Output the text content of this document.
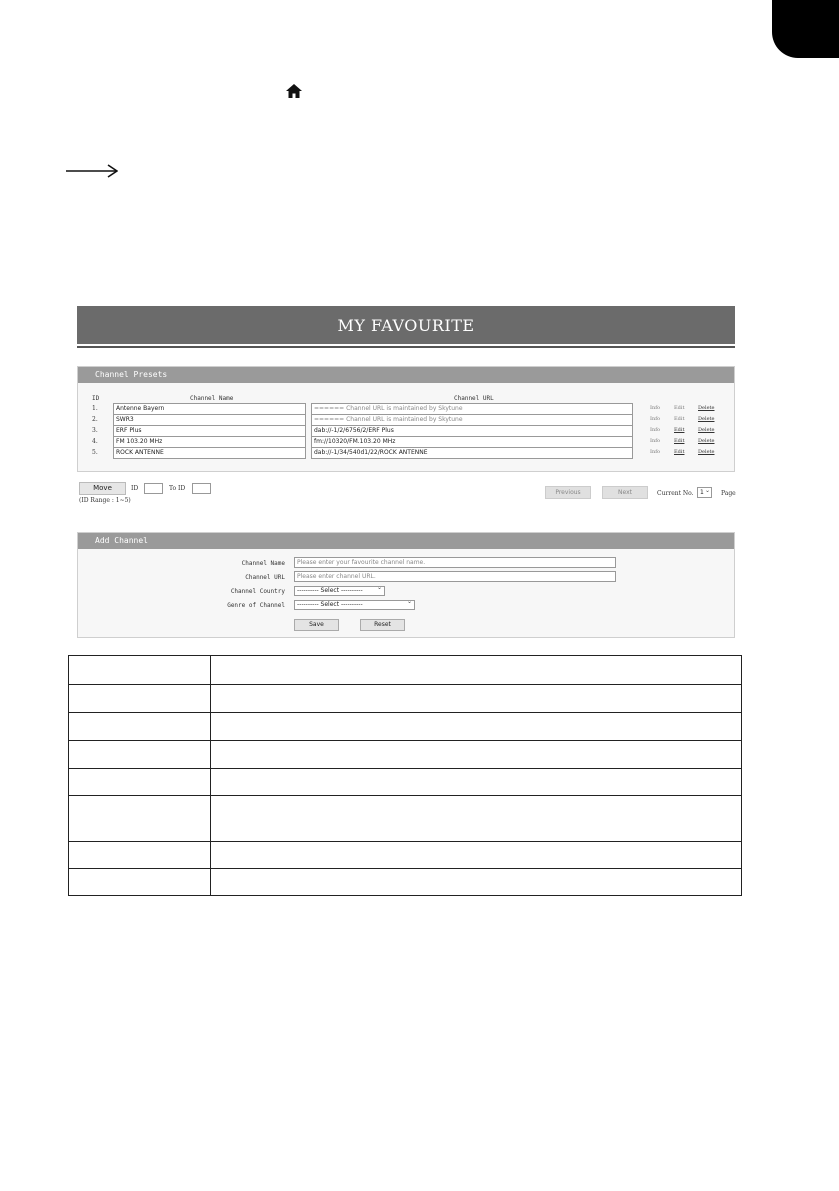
MY FAVOURITE
Channel Presets
ID	Channel Name	Channel URL
1.	Antenne Bayern	====== Channel URL is maintained by Skytune	Info	Edit	Delete
2.	SWR3	====== Channel URL is maintained by Skytune	Info	Edit	Delete
3.	ERF Plus	dab://-1/2/6756/2/ERF Plus	Info	Edit	Delete
4.	FM 103.20 MHz	fm://10320/FM.103.20 MHz	Info	Edit	Delete
5.	ROCK ANTENNE	dab://-1/34/540d1/22/ROCK ANTENNE	Info	Edit	Delete
Move	ID	To ID
(ID Range : 1~5)
Previous	Next	Current No.	1 ⌄	Page
Add Channel
Channel Name	Please enter your favourite channel name.
Channel URL	Please enter channel URL.
Channel Country	---------- Select ---------- ⌄
Genre of Channel	---------- Select ---------- ⌄
Save	Reset
